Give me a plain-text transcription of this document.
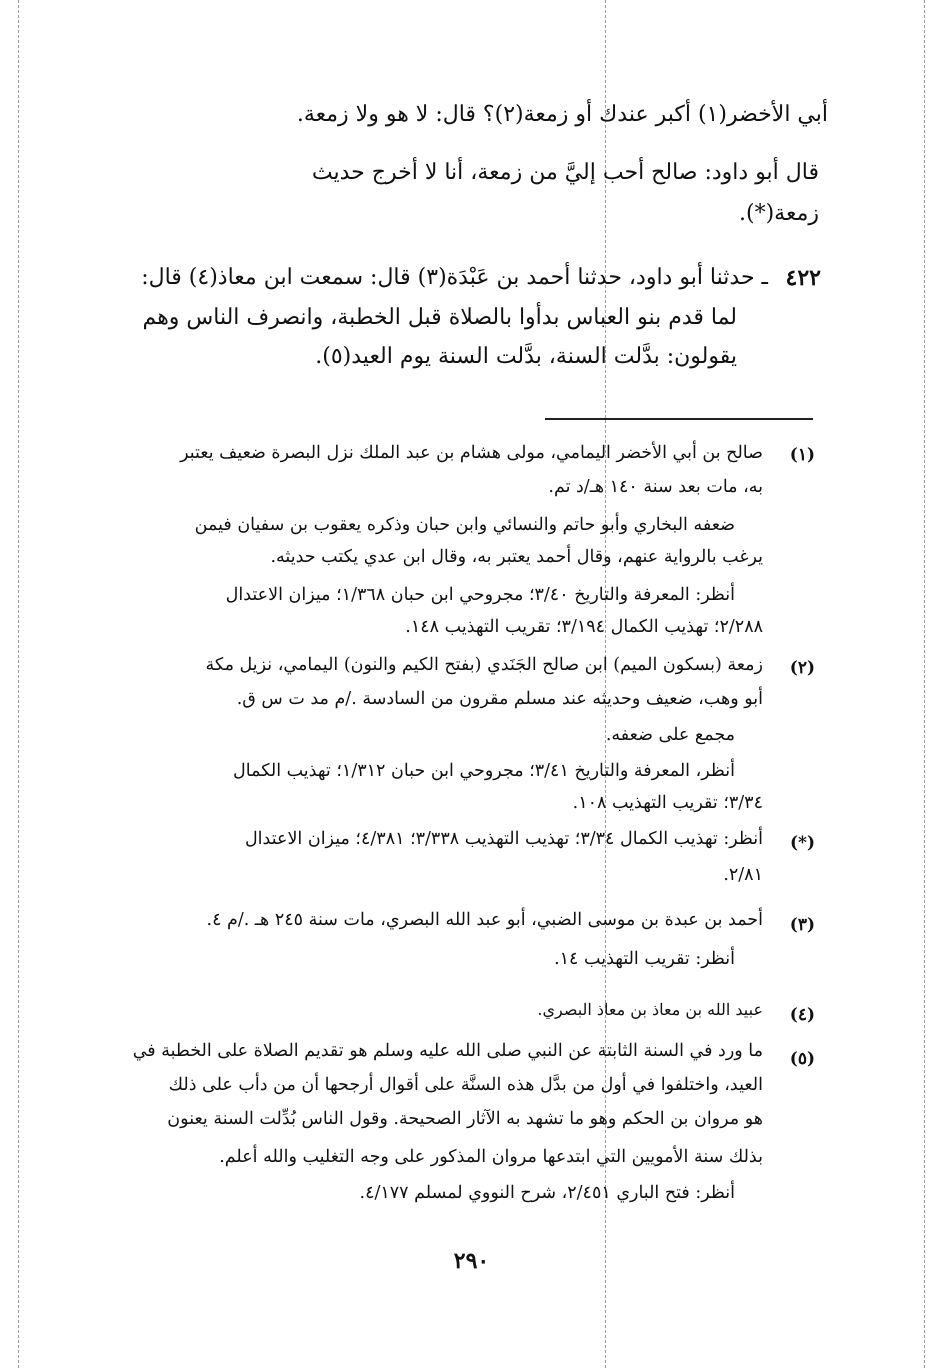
أبي الأخضر(١) أكبر عندك أو زمعة(٢)؟ قال: لا هو ولا زمعة.
قال أبو داود: صالح أحب إليَّ من زمعة، أنا لا أخرج حديث
زمعة(*).
٤٢٢
ـ حدثنا أبو داود، حدثنا أحمد بن عَبْدَة(٣) قال: سمعت ابن معاذ(٤) قال:
لما قدم بنو العباس بدأوا بالصلاة قبل الخطبة، وانصرف الناس وهم
يقولون: بدَّلت السنة، بدَّلت السنة يوم العيد(٥).
(١)
صالح بن أبي الأخضر اليمامي، مولى هشام بن عبد الملك نزل البصرة ضعيف يعتبر
به، مات بعد سنة ١٤٠ هـ/د تم.
ضعفه البخاري وأبو حاتم والنسائي وابن حبان وذكره يعقوب بن سفيان فيمن
يرغب بالرواية عنهم، وقال أحمد يعتبر به، وقال ابن عدي يكتب حديثه.
أنظر: المعرفة والتاريخ ٣/٤٠؛ مجروحي ابن حبان ١/٣٦٨؛ ميزان الاعتدال
٢/٢٨٨؛ تهذيب الكمال ٣/١٩٤؛ تقريب التهذيب ١٤٨.
(٢)
زمعة (بسكون الميم) ابن صالح الجَنَدي (بفتح الكيم والنون) اليمامي، نزيل مكة
أبو وهب، ضعيف وحديثه عند مسلم مقرون من السادسة ./م مد ت س ق.
مجمع على ضعفه.
أنظر، المعرفة والتاريخ ٣/٤١؛ مجروحي ابن حبان ١/٣١٢؛ تهذيب الكمال
٣/٣٤؛ تقريب التهذيب ١٠٨.
(*)
أنظر: تهذيب الكمال ٣/٣٤؛ تهذيب التهذيب ٣/٣٣٨؛ ٤/٣٨١؛ ميزان الاعتدال
٢/٨١.
(٣)
أحمد بن عبدة بن موسى الضبي، أبو عبد الله البصري، مات سنة ٢٤٥ هـ ./م ٤.
أنظر: تقريب التهذيب ١٤.
(٤)
عبيد الله بن معاذ بن معاذ البصري.
(٥)
ما ورد في السنة الثابتة عن النبي صلى الله عليه وسلم هو تقديم الصلاة على الخطبة في
العيد، واختلفوا في أول من بدَّل هذه السنَّة على أقوال أرجحها أن من دأب على ذلك
هو مروان بن الحكم وهو ما تشهد به الآثار الصحيحة. وقول الناس بُدِّلت السنة يعنون
بذلك سنة الأمويين التي ابتدعها مروان المذكور على وجه التغليب والله أعلم.
أنظر: فتح الباري ٢/٤٥١، شرح النووي لمسلم ٤/١٧٧.
٢٩٠
